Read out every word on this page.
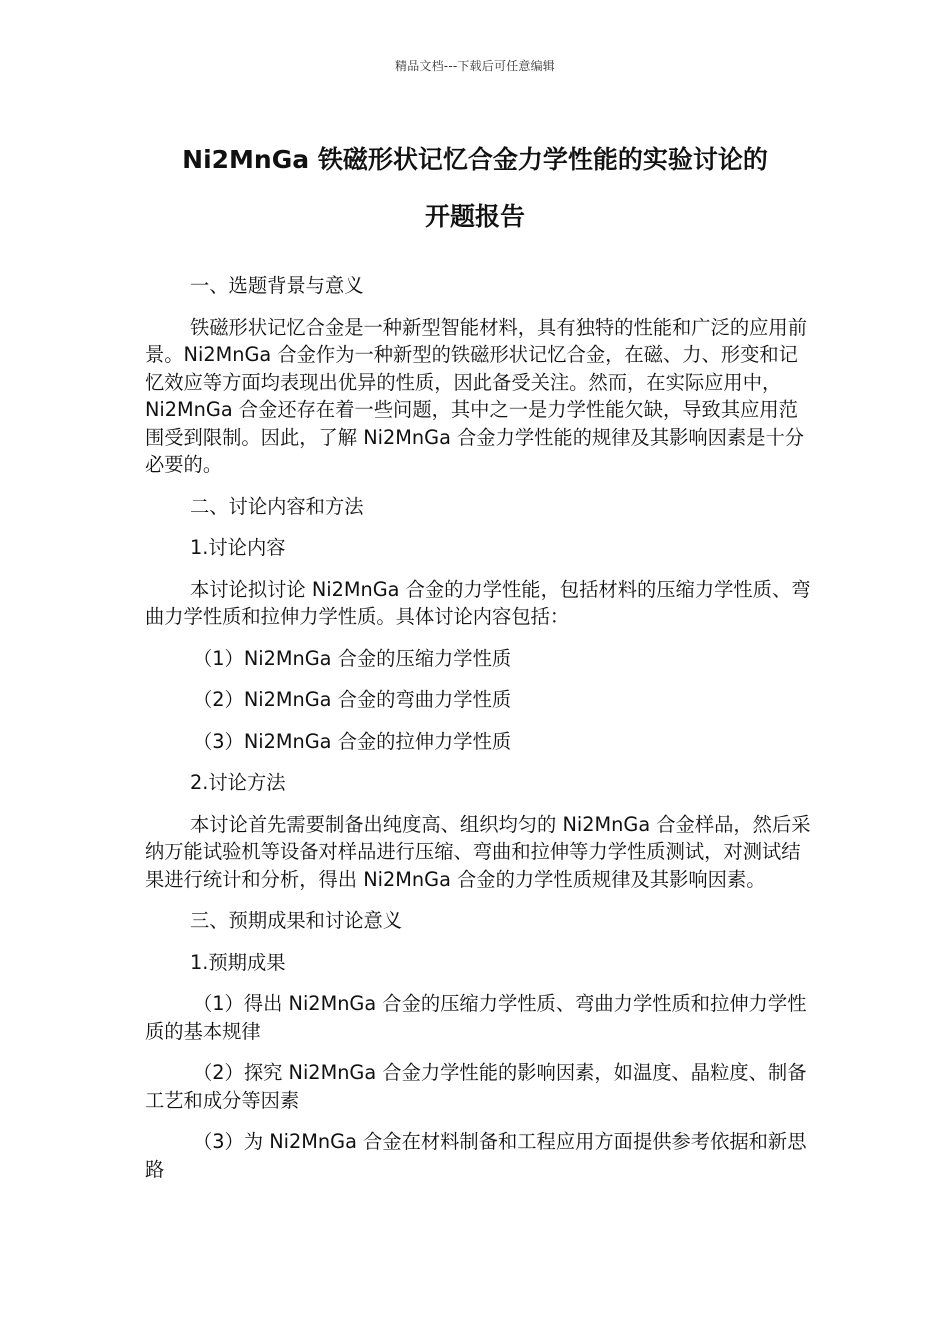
精品文档---下载后可任意编辑
Ni2MnGa 铁磁形状记忆合金力学性能的实验讨论的
开题报告

一、选题背景与意义

铁磁形状记忆合金是一种新型智能材料，具有独特的性能和广泛的应用前景。Ni2MnGa 合金作为一种新型的铁磁形状记忆合金，在磁、力、形变和记忆效应等方面均表现出优异的性质，因此备受关注。然而，在实际应用中，Ni2MnGa 合金还存在着一些问题，其中之一是力学性能欠缺，导致其应用范围受到限制。因此，了解 Ni2MnGa 合金力学性能的规律及其影响因素是十分必要的。

二、讨论内容和方法

1.讨论内容

本讨论拟讨论 Ni2MnGa 合金的力学性能，包括材料的压缩力学性质、弯曲力学性质和拉伸力学性质。具体讨论内容包括：

（1）Ni2MnGa 合金的压缩力学性质

（2）Ni2MnGa 合金的弯曲力学性质

（3）Ni2MnGa 合金的拉伸力学性质

2.讨论方法

本讨论首先需要制备出纯度高、组织均匀的 Ni2MnGa 合金样品，然后采纳万能试验机等设备对样品进行压缩、弯曲和拉伸等力学性质测试，对测试结果进行统计和分析，得出 Ni2MnGa 合金的力学性质规律及其影响因素。

三、预期成果和讨论意义

1.预期成果

（1）得出 Ni2MnGa 合金的压缩力学性质、弯曲力学性质和拉伸力学性质的基本规律

（2）探究 Ni2MnGa 合金力学性能的影响因素，如温度、晶粒度、制备工艺和成分等因素

（3）为 Ni2MnGa 合金在材料制备和工程应用方面提供参考依据和新思路
